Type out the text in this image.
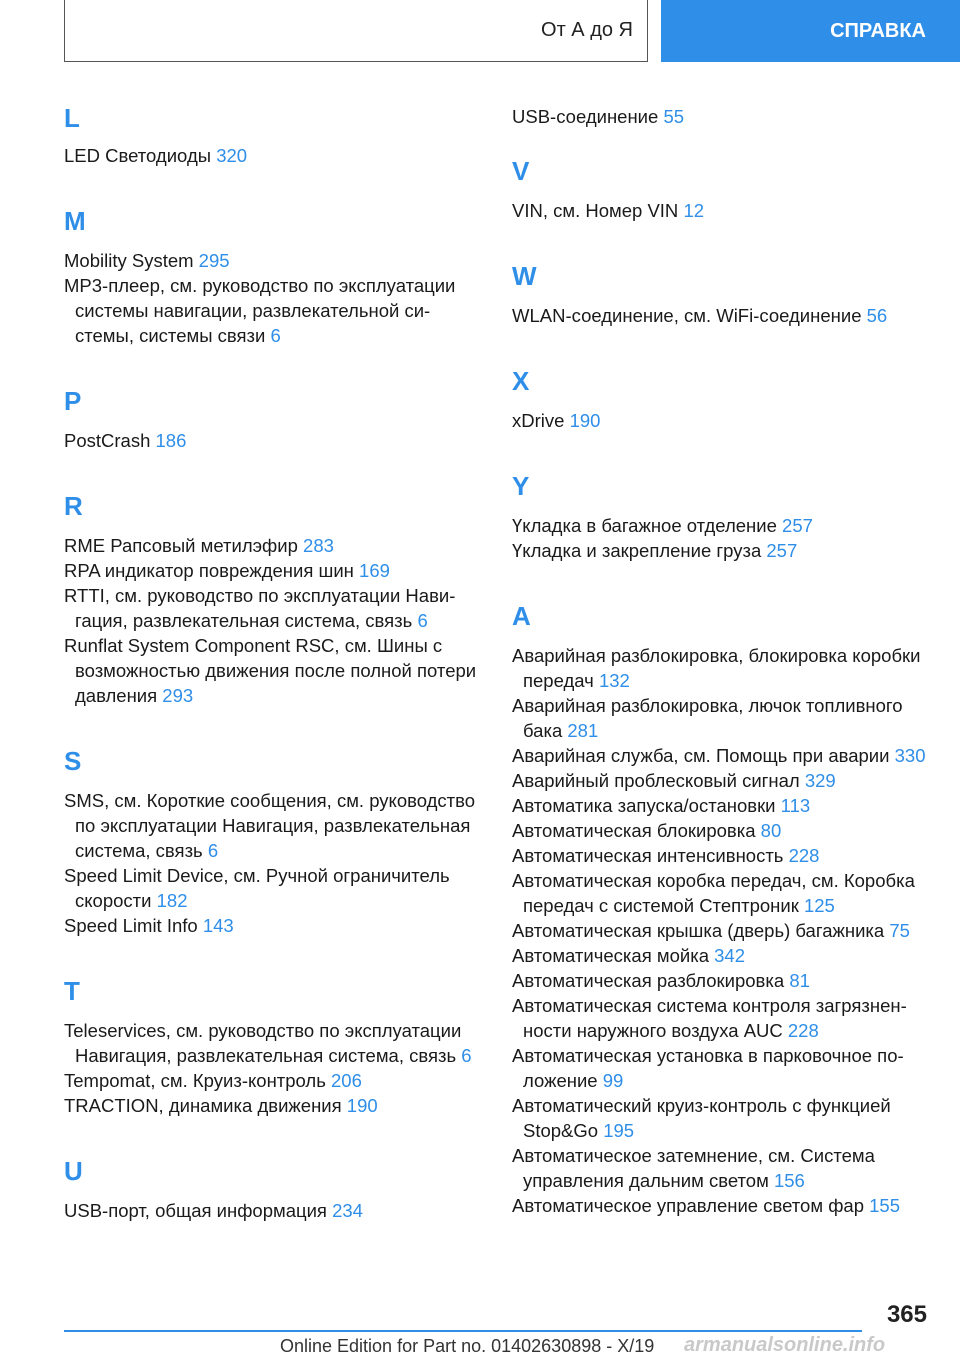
От А до Я	СПРАВКА
L

LED Светодиоды 320

M

Mobility System 295

MP3-плеер, см. руководство по эксплуатации системы навигации, развлекательной системы, системы связи 6

P

PostCrash 186

R

RME Рапсовый метилэфир 283

RPA индикатор повреждения шин 169

RTTI, см. руководство по эксплуатации Навигация, развлекательная система, связь 6

Runflat System Component RSC, см. Шины с возможностью движения после полной потери давления 293

S

SMS, см. Короткие сообщения, см. руководство по эксплуатации Навигация, развлекательная система, связь 6

Speed Limit Device, см. Ручной ограничитель скорости 182

Speed Limit Info 143

T

Teleservices, см. руководство по эксплуатации Навигация, развлекательная система, связь 6

Tempomat, см. Круиз-контроль 206

TRACTION, динамика движения 190

U

USB-порт, общая информация 234

USB-соединение 55

V

VIN, см. Номер VIN 12

W

WLAN-соединение, см. WiFi-соединение 56

X

xDrive 190

Y

Үкладка в багажное отделение 257

Үкладка и закрепление груза 257

А

Аварийная разблокировка, блокировка коробки передач 132

Аварийная разблокировка, лючок топливного бака 281

Аварийная служба, см. Помощь при аварии 330

Аварийный проблесковый сигнал 329

Автоматика запуска/остановки 113

Автоматическая блокировка 80

Автоматическая интенсивность 228

Автоматическая коробка передач, см. Коробка передач с системой Стептроник 125

Автоматическая крышка (дверь) багажника 75

Автоматическая мойка 342

Автоматическая разблокировка 81

Автоматическая система контроля загрязненности наружного воздуха AUC 228

Автоматическая установка в парковочное положение 99

Автоматический круиз-контроль с функцией Stop&Go 195

Автоматическое затемнение, см. Система управления дальним светом 156

Автоматическое управление светом фар 155

365
Online Edition for Part no. 01402630898 - X/19 armanualsonline.info
